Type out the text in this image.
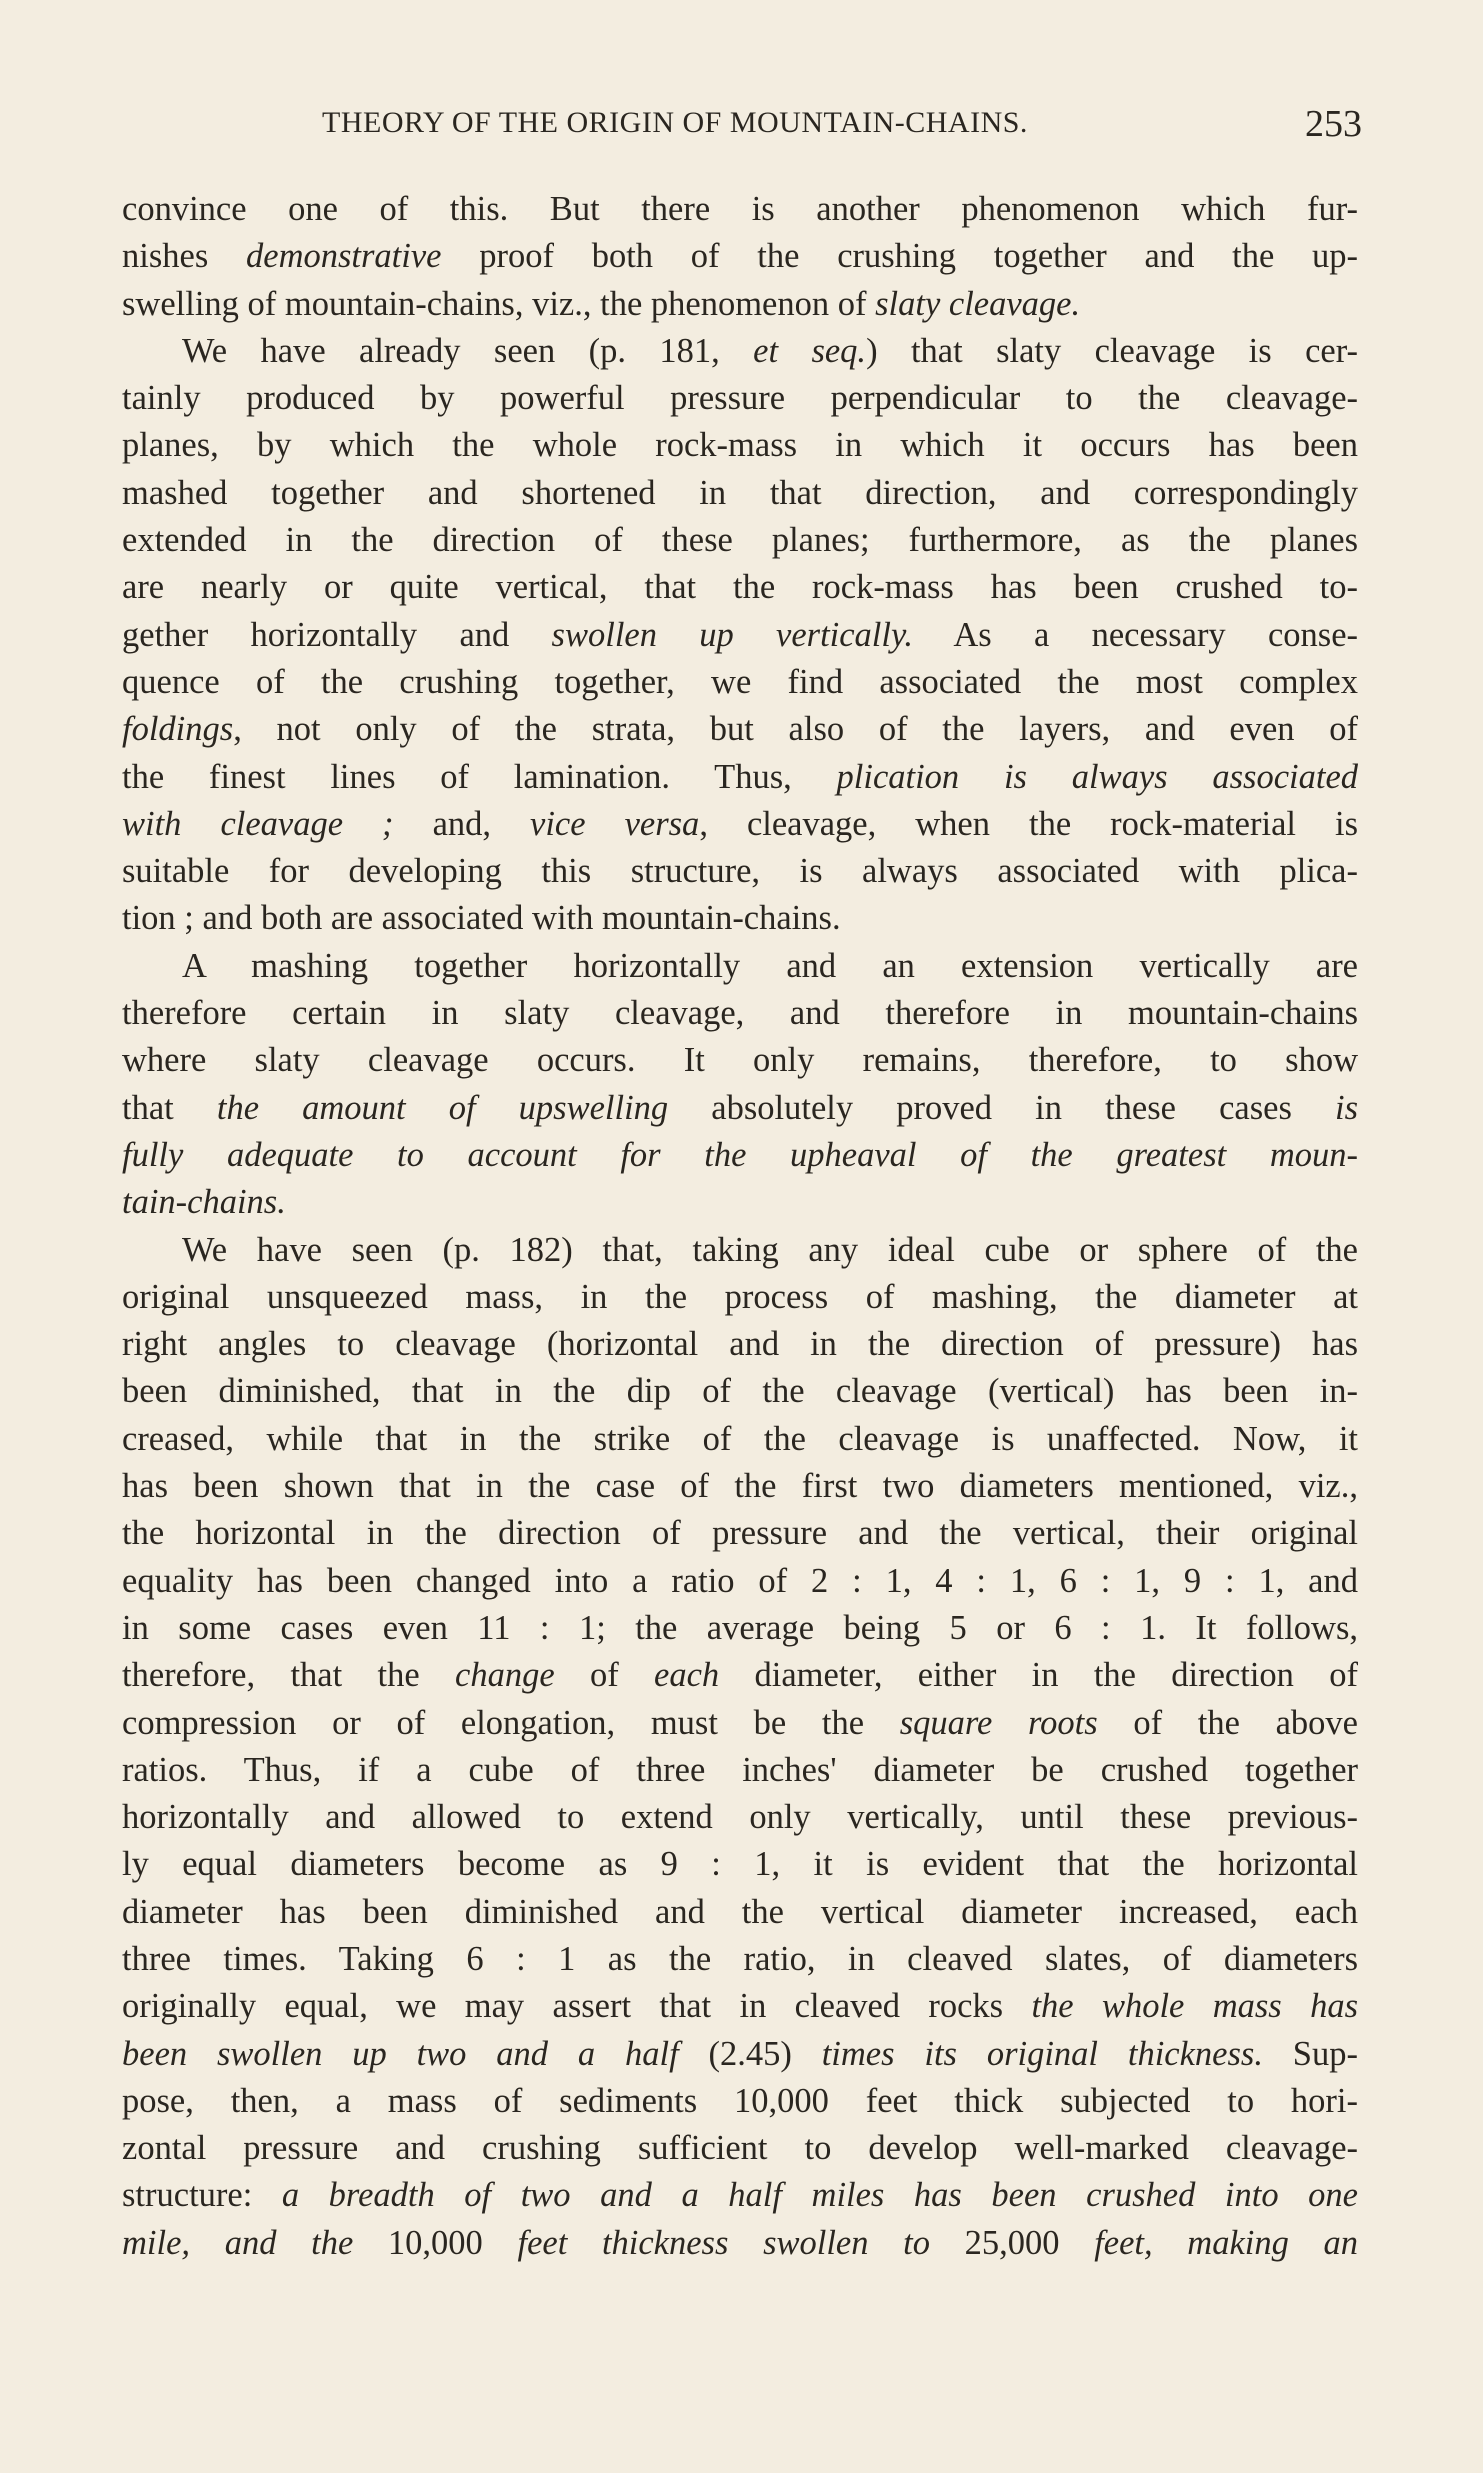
THEORY OF THE ORIGIN OF MOUNTAIN-CHAINS.	253
convince one of this. But there is another phenomenon which fur-
nishes demonstrative proof both of the crushing together and the up-
swelling of mountain-chains, viz., the phenomenon of slaty cleavage.
We have already seen (p. 181, et seq.) that slaty cleavage is cer-
tainly produced by powerful pressure perpendicular to the cleavage-
planes, by which the whole rock-mass in which it occurs has been
mashed together and shortened in that direction, and correspondingly
extended in the direction of these planes; furthermore, as the planes
are nearly or quite vertical, that the rock-mass has been crushed to-
gether horizontally and swollen up vertically. As a necessary conse-
quence of the crushing together, we find associated the most complex
foldings, not only of the strata, but also of the layers, and even of
the finest lines of lamination. Thus, plication is always associated
with cleavage ; and, vice versa, cleavage, when the rock-material is
suitable for developing this structure, is always associated with plica-
tion ; and both are associated with mountain-chains.
A mashing together horizontally and an extension vertically are
therefore certain in slaty cleavage, and therefore in mountain-chains
where slaty cleavage occurs. It only remains, therefore, to show
that the amount of upswelling absolutely proved in these cases is
fully adequate to account for the upheaval of the greatest moun-
tain-chains.
We have seen (p. 182) that, taking any ideal cube or sphere of the
original unsqueezed mass, in the process of mashing, the diameter at
right angles to cleavage (horizontal and in the direction of pressure) has
been diminished, that in the dip of the cleavage (vertical) has been in-
creased, while that in the strike of the cleavage is unaffected. Now, it
has been shown that in the case of the first two diameters mentioned, viz.,
the horizontal in the direction of pressure and the vertical, their original
equality has been changed into a ratio of 2 : 1, 4 : 1, 6 : 1, 9 : 1, and
in some cases even 11 : 1; the average being 5 or 6 : 1. It follows,
therefore, that the change of each diameter, either in the direction of
compression or of elongation, must be the square roots of the above
ratios. Thus, if a cube of three inches' diameter be crushed together
horizontally and allowed to extend only vertically, until these previous-
ly equal diameters become as 9 : 1, it is evident that the horizontal
diameter has been diminished and the vertical diameter increased, each
three times. Taking 6 : 1 as the ratio, in cleaved slates, of diameters
originally equal, we may assert that in cleaved rocks the whole mass has
been swollen up two and a half (2.45) times its original thickness. Sup-
pose, then, a mass of sediments 10,000 feet thick subjected to hori-
zontal pressure and crushing sufficient to develop well-marked cleavage-
structure: a breadth of two and a half miles has been crushed into one
mile, and the 10,000 feet thickness swollen to 25,000 feet, making an
